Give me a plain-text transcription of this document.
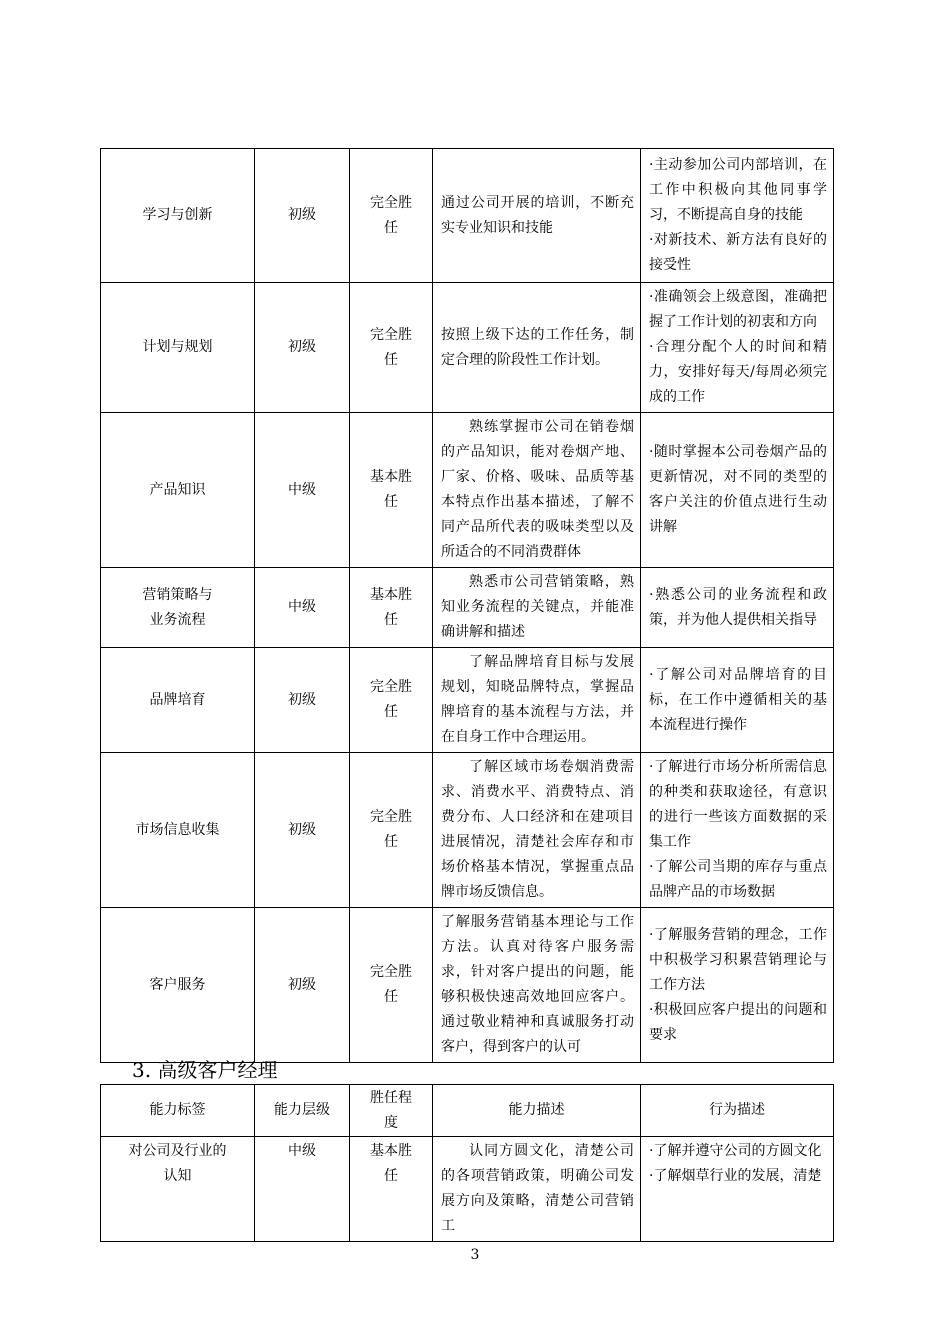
学习与创新	初级	完全胜任	通过公司开展的培训，不断充实专业知识和技能	·主动参加公司内部培训，在工作中积极向其他同事学习，不断提高自身的技能
·对新技术、新方法有良好的接受性

计划与规划	初级	完全胜任	按照上级下达的工作任务，制定合理的阶段性工作计划。	·准确领会上级意图，准确把握了工作计划的初衷和方向
·合理分配个人的时间和精力，安排好每天/每周必须完成的工作

产品知识	中级	基本胜任	熟练掌握市公司在销卷烟的产品知识，能对卷烟产地、厂家、价格、吸味、品质等基本特点作出基本描述，了解不同产品所代表的吸味类型以及所适合的不同消费群体	·随时掌握本公司卷烟产品的更新情况，对不同的类型的客户关注的价值点进行生动讲解

营销策略与业务流程	中级	基本胜任	熟悉市公司营销策略，熟知业务流程的关键点，并能准确讲解和描述	·熟悉公司的业务流程和政策，并为他人提供相关指导

品牌培育	初级	完全胜任	了解品牌培育目标与发展规划，知晓品牌特点，掌握品牌培育的基本流程与方法，并在自身工作中合理运用。	·了解公司对品牌培育的目标，在工作中遵循相关的基本流程进行操作

市场信息收集	初级	完全胜任	了解区域市场卷烟消费需求、消费水平、消费特点、消费分布、人口经济和在建项目进展情况，清楚社会库存和市场价格基本情况，掌握重点品牌市场反馈信息。	·了解进行市场分析所需信息的种类和获取途径，有意识的进行一些该方面数据的采集工作
·了解公司当期的库存与重点品牌产品的市场数据

客户服务	初级	完全胜任	了解服务营销基本理论与工作方法。认真对待客户服务需求，针对客户提出的问题，能够积极快速高效地回应客户。通过敬业精神和真诚服务打动客户，得到客户的认可	·了解服务营销的理念，工作中积极学习积累营销理论与工作方法
·积极回应客户提出的问题和要求
3. 高级客户经理
能力标签	能力层级	胜任程度	能力描述	行为描述
对公司及行业的认知	中级	基本胜任	认同方圆文化，清楚公司的各项营销政策，明确公司发展方向及策略，清楚公司营销工	·了解并遵守公司的方圆文化
·了解烟草行业的发展，清楚
3
